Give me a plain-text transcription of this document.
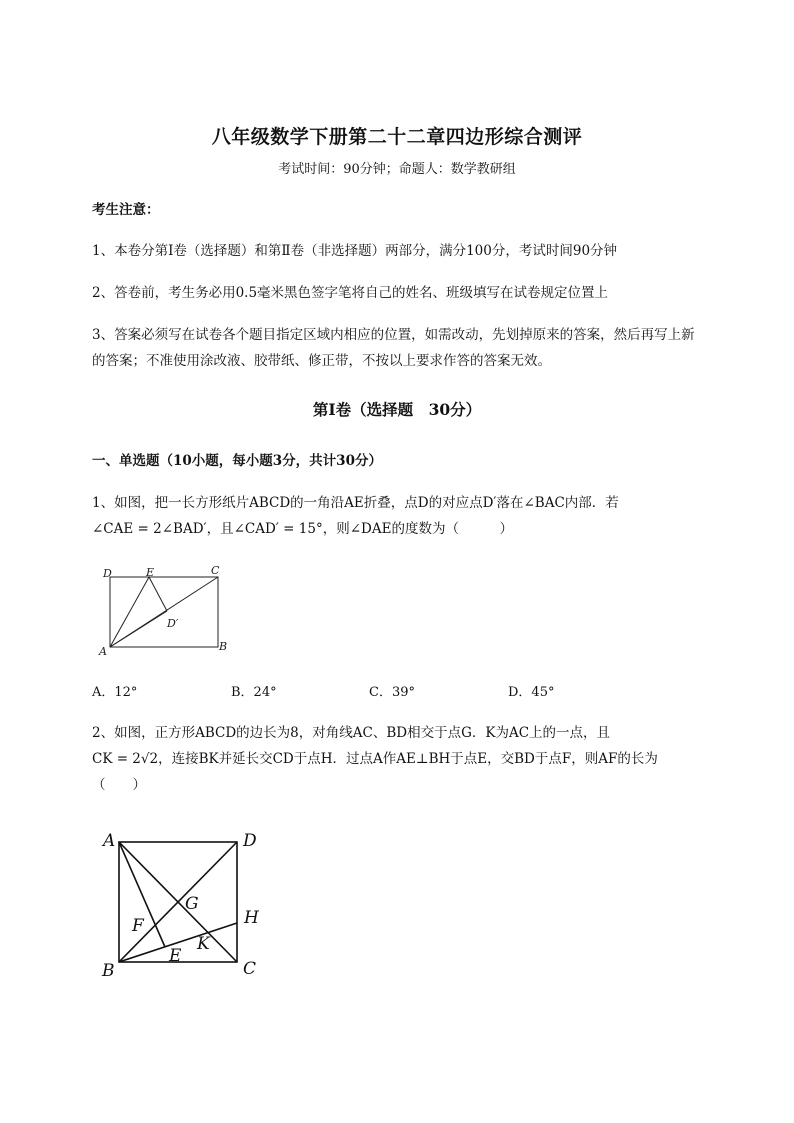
八年级数学下册第二十二章四边形综合测评
考试时间：90分钟；命题人：数学教研组
考生注意：
1、本卷分第Ⅰ卷（选择题）和第Ⅱ卷（非选择题）两部分，满分100分，考试时间90分钟
2、答卷前，考生务必用0.5毫米黑色签字笔将自己的姓名、班级填写在试卷规定位置上
3、答案必须写在试卷各个题目指定区域内相应的位置，如需改动，先划掉原来的答案，然后再写上新
的答案；不准使用涂改液、胶带纸、修正带，不按以上要求作答的答案无效。
第Ⅰ卷（选择题　30分）
一、单选题（10小题，每小题3分，共计30分）
1、如图，把一长方形纸片ABCD的一角沿AE折叠，点D的对应点D′落在∠BAC内部．若
∠CAE = 2∠BAD′，且∠CAD′ = 15°，则∠DAE的度数为（　　　）
D	E	C
D′
A	B
A．12°	B．24°	C．39°	D．45°
2、如图，正方形ABCD的边长为8，对角线AC、BD相交于点G．K为AC上的一点，且
CK = 2√2，连接BK并延长交CD于点H．过点A作AE⊥BH于点E，交BD于点F，则AF的长为
（　　）
A	D
G
H
F
K
E
B	C
